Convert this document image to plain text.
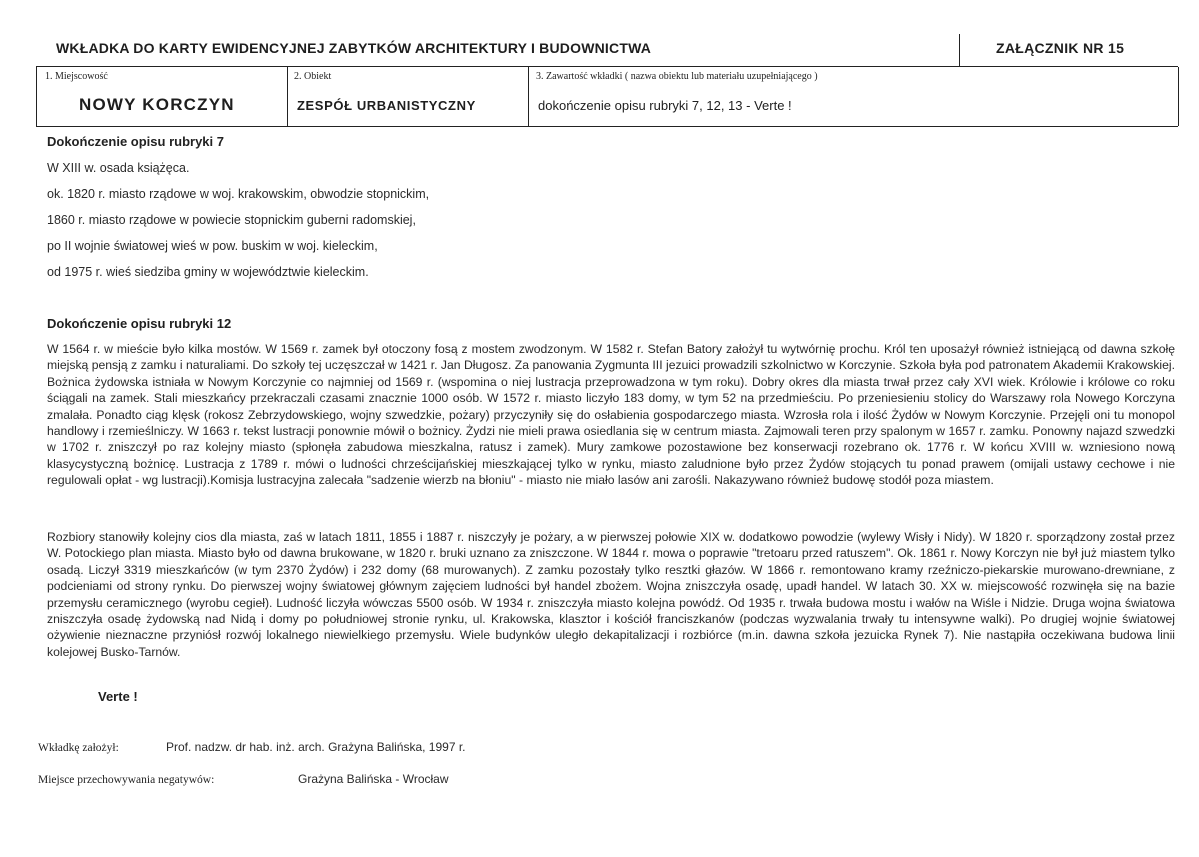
WKŁADKA DO KARTY EWIDENCYJNEJ ZABYTKÓW ARCHITEKTURY I BUDOWNICTWA	ZAŁĄCZNIK NR 15
1. Miejscowość
NOWY KORCZYN
2. Obiekt
ZESPÓŁ URBANISTYCZNY
3. Zawartość wkładki ( nazwa obiektu lub materiału uzupełniającego )
dokończenie opisu rubryki 7, 12, 13 - Verte !
Dokończenie opisu rubryki 7
W XIII w. osada książęca.
ok. 1820 r. miasto rządowe w woj. krakowskim, obwodzie stopnickim,
1860 r. miasto rządowe w powiecie stopnickim guberni radomskiej,
po II wojnie światowej wieś w pow. buskim w woj. kieleckim,
od 1975 r. wieś siedziba gminy w województwie kieleckim.
Dokończenie opisu rubryki 12
W 1564 r. w mieście było kilka mostów. W 1569 r. zamek był otoczony fosą z mostem zwodzonym. W 1582 r. Stefan Batory założył tu wytwórnię prochu. Król ten uposażył również istniejącą od dawna szkołę miejską pensją z zamku i naturaliami. Do szkoły tej uczęszczał w 1421 r. Jan Długosz. Za panowania Zygmunta III jezuici prowadzili szkolnictwo w Korczynie. Szkoła była pod patronatem Akademii Krakowskiej. Bożnica żydowska istniała w Nowym Korczynie co najmniej od 1569 r. (wspomina o niej lustracja przeprowadzona w tym roku). Dobry okres dla miasta trwał przez cały XVI wiek. Królowie i królowe co roku ściągali na zamek. Stali mieszkańcy przekraczali czasami znacznie 1000 osób. W 1572 r. miasto liczyło 183 domy, w tym 52 na przedmieściu. Po przeniesieniu stolicy do Warszawy rola Nowego Korczyna zmalała. Ponadto ciąg klęsk (rokosz Zebrzydowskiego, wojny szwedzkie, pożary) przyczyniły się do osłabienia gospodarczego miasta. Wzrosła rola i ilość Żydów w Nowym Korczynie. Przejęli oni tu monopol handlowy i rzemieślniczy. W 1663 r. tekst lustracji ponownie mówił o bożnicy. Żydzi nie mieli prawa osiedlania się w centrum miasta. Zajmowali teren przy spalonym w 1657 r. zamku. Ponowny najazd szwedzki w 1702 r. zniszczył po raz kolejny miasto (spłonęła zabudowa mieszkalna, ratusz i zamek). Mury zamkowe pozostawione bez konserwacji rozebrano ok. 1776 r. W końcu XVIII w. wzniesiono nową klasycystyczną bożnicę. Lustracja z 1789 r. mówi o ludności chrześcijańskiej mieszkającej tylko w rynku, miasto zaludnione było przez Żydów stojących tu ponad prawem (omijali ustawy cechowe i nie regulowali opłat - wg lustracji).Komisja lustracyjna zalecała "sadzenie wierzb na błoniu" - miasto nie miało lasów ani zarośli. Nakazywano również budowę stodół poza miastem.
Rozbiory stanowiły kolejny cios dla miasta, zaś w latach 1811, 1855 i 1887 r. niszczyły je pożary, a w pierwszej połowie XIX w. dodatkowo powodzie (wylewy Wisły i Nidy). W 1820 r. sporządzony został przez W. Potockiego plan miasta. Miasto było od dawna brukowane, w 1820 r. bruki uznano za zniszczone. W 1844 r. mowa o poprawie "tretoaru przed ratuszem". Ok. 1861 r. Nowy Korczyn nie był już miastem tylko osadą. Liczył 3319 mieszkańców (w tym 2370 Żydów) i 232 domy (68 murowanych). Z zamku pozostały tylko resztki głazów. W 1866 r. remontowano kramy rzeźniczo-piekarskie murowano-drewniane, z podcieniami od strony rynku. Do pierwszej wojny światowej głównym zajęciem ludności był handel zbożem. Wojna zniszczyła osadę, upadł handel. W latach 30. XX w. miejscowość rozwinęła się na bazie przemysłu ceramicznego (wyrobu cegieł). Ludność liczyła wówczas 5500 osób. W 1934 r. zniszczyła miasto kolejna powódź. Od 1935 r. trwała budowa mostu i wałów na Wiśle i Nidzie. Druga wojna światowa zniszczyła osadę żydowską nad Nidą i domy po południowej stronie rynku, ul. Krakowska, klasztor i kościół franciszkanów (podczas wyzwalania trwały tu intensywne walki). Po drugiej wojnie światowej ożywienie nieznaczne przyniósł rozwój lokalnego niewielkiego przemysłu. Wiele budynków uległo dekapitalizacji i rozbiórce (m.in. dawna szkoła jezuicka Rynek 7). Nie nastąpiła oczekiwana budowa linii kolejowej Busko-Tarnów.
Verte !
Wkładkę założył:	Prof. nadzw. dr hab. inż. arch. Grażyna Balińska, 1997 r.
Miejsce przechowywania negatywów:	Grażyna Balińska - Wrocław
